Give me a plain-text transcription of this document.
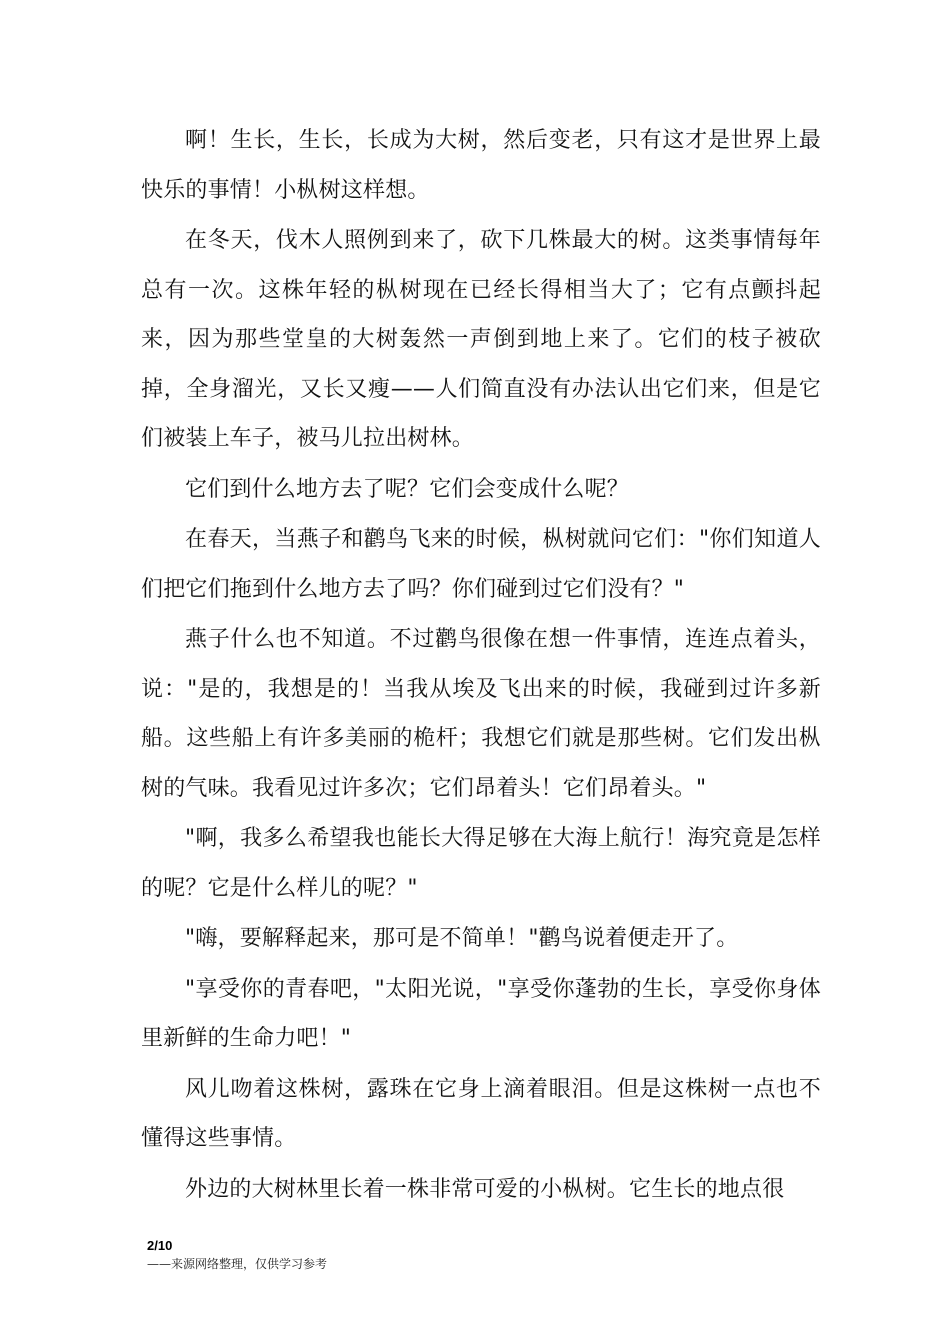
啊！生长，生长，长成为大树，然后变老，只有这才是世界上最快乐的事情！小枞树这样想。

在冬天，伐木人照例到来了，砍下几株最大的树。这类事情每年总有一次。这株年轻的枞树现在已经长得相当大了；它有点颤抖起来，因为那些堂皇的大树轰然一声倒到地上来了。它们的枝子被砍掉，全身溜光，又长又瘦——人们简直没有办法认出它们来，但是它们被装上车子，被马儿拉出树林。

它们到什么地方去了呢？它们会变成什么呢？

在春天，当燕子和鹳鸟飞来的时候，枞树就问它们："你们知道人们把它们拖到什么地方去了吗？你们碰到过它们没有？"

燕子什么也不知道。不过鹳鸟很像在想一件事情，连连点着头，说："是的，我想是的！当我从埃及飞出来的时候，我碰到过许多新船。这些船上有许多美丽的桅杆；我想它们就是那些树。它们发出枞树的气味。我看见过许多次；它们昂着头！它们昂着头。"

"啊，我多么希望我也能长大得足够在大海上航行！海究竟是怎样的呢？它是什么样儿的呢？"

"嗨，要解释起来，那可是不简单！"鹳鸟说着便走开了。

"享受你的青春吧，"太阳光说，"享受你蓬勃的生长，享受你身体里新鲜的生命力吧！"

风儿吻着这株树，露珠在它身上滴着眼泪。但是这株树一点也不懂得这些事情。

外边的大树林里长着一株非常可爱的小枞树。它生长的地点很

2/10
——来源网络整理，仅供学习参考
